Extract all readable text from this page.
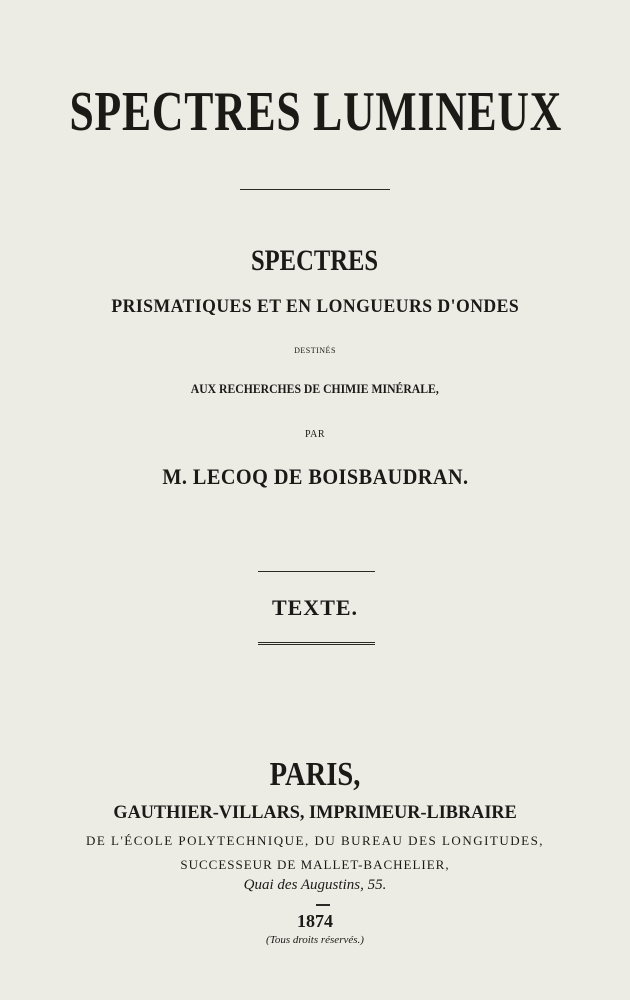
SPECTRES LUMINEUX
SPECTRES
PRISMATIQUES ET EN LONGUEURS D'ONDES
DESTINÉS
AUX RECHERCHES DE CHIMIE MINÉRALE,
PAR
M. LECOQ DE BOISBAUDRAN.
TEXTE.
PARIS,
GAUTHIER-VILLARS, IMPRIMEUR-LIBRAIRE
DE L'ÉCOLE POLYTECHNIQUE, DU BUREAU DES LONGITUDES,
SUCCESSEUR DE MALLET-BACHELIER,
Quai des Augustins, 55.
1874
(Tous droits réservés.)
